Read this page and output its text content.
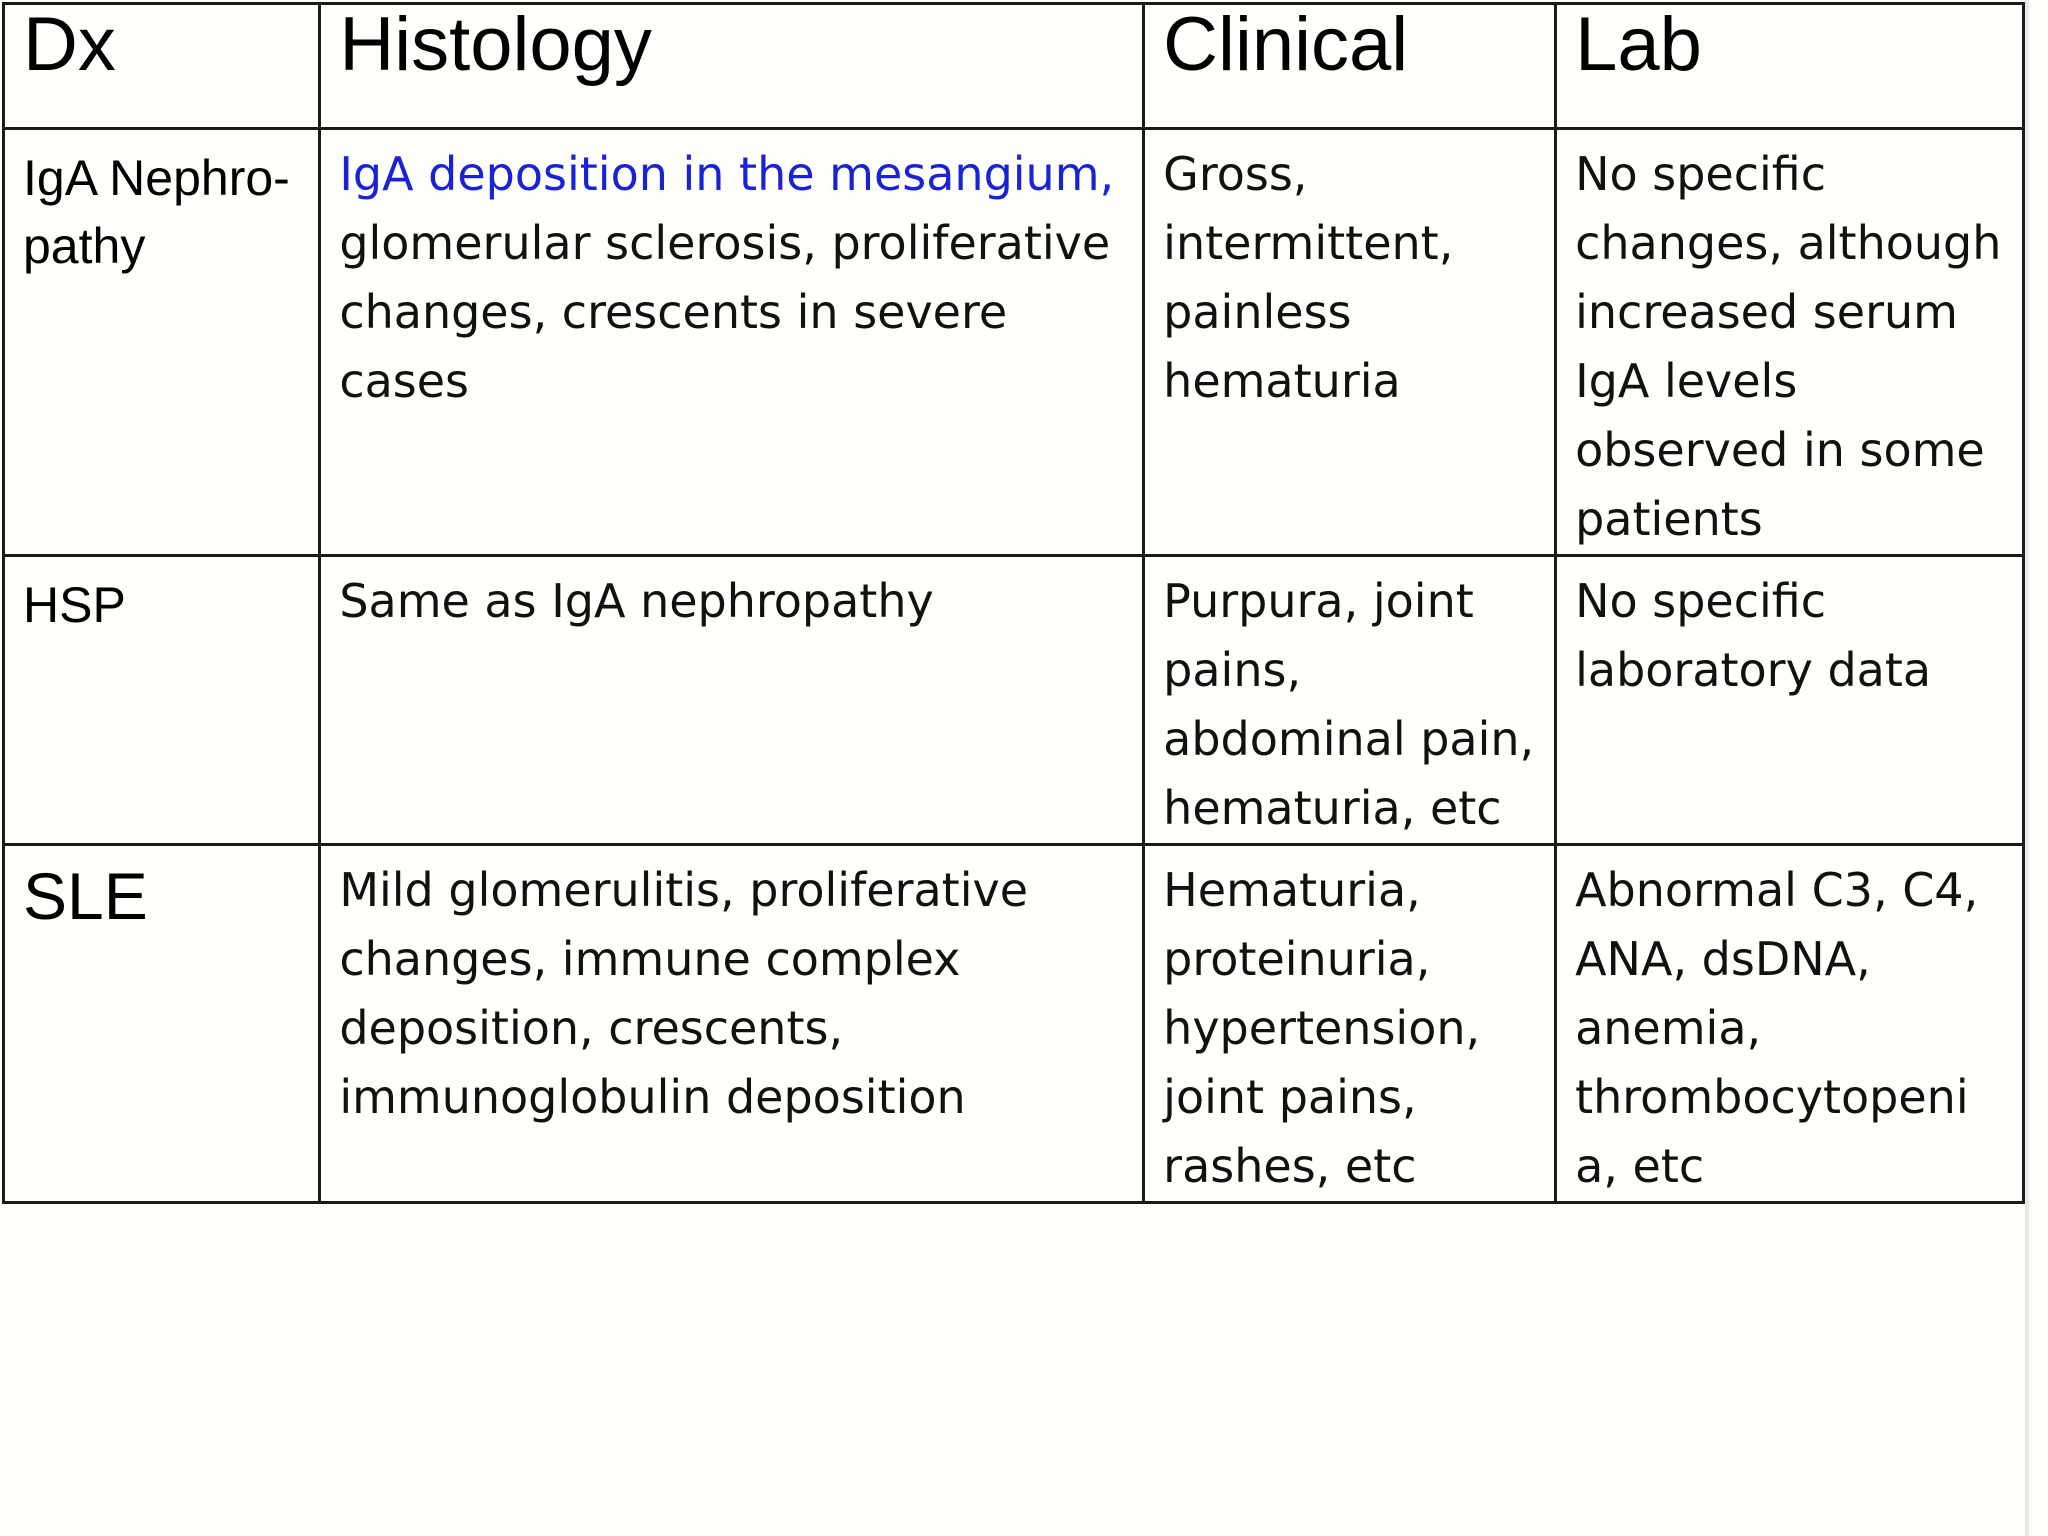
Dx	Histology	Clinical	Lab
IgA Nephro-pathy	IgA deposition in the mesangium, glomerular sclerosis, proliferative changes, crescents in severe cases	Gross, intermittent, painless hematuria	No specific changes, although increased serum IgA levels observed in some patients
HSP	Same as IgA nephropathy	Purpura, joint pains, abdominal pain, hematuria, etc	No specific laboratory data
SLE	Mild glomerulitis, proliferative changes, immune complex deposition, crescents, immunoglobulin deposition	Hematuria, proteinuria, hypertension, joint pains, rashes, etc	Abnormal C3, C4, ANA, dsDNA, anemia, thrombocytopeni a, etc
